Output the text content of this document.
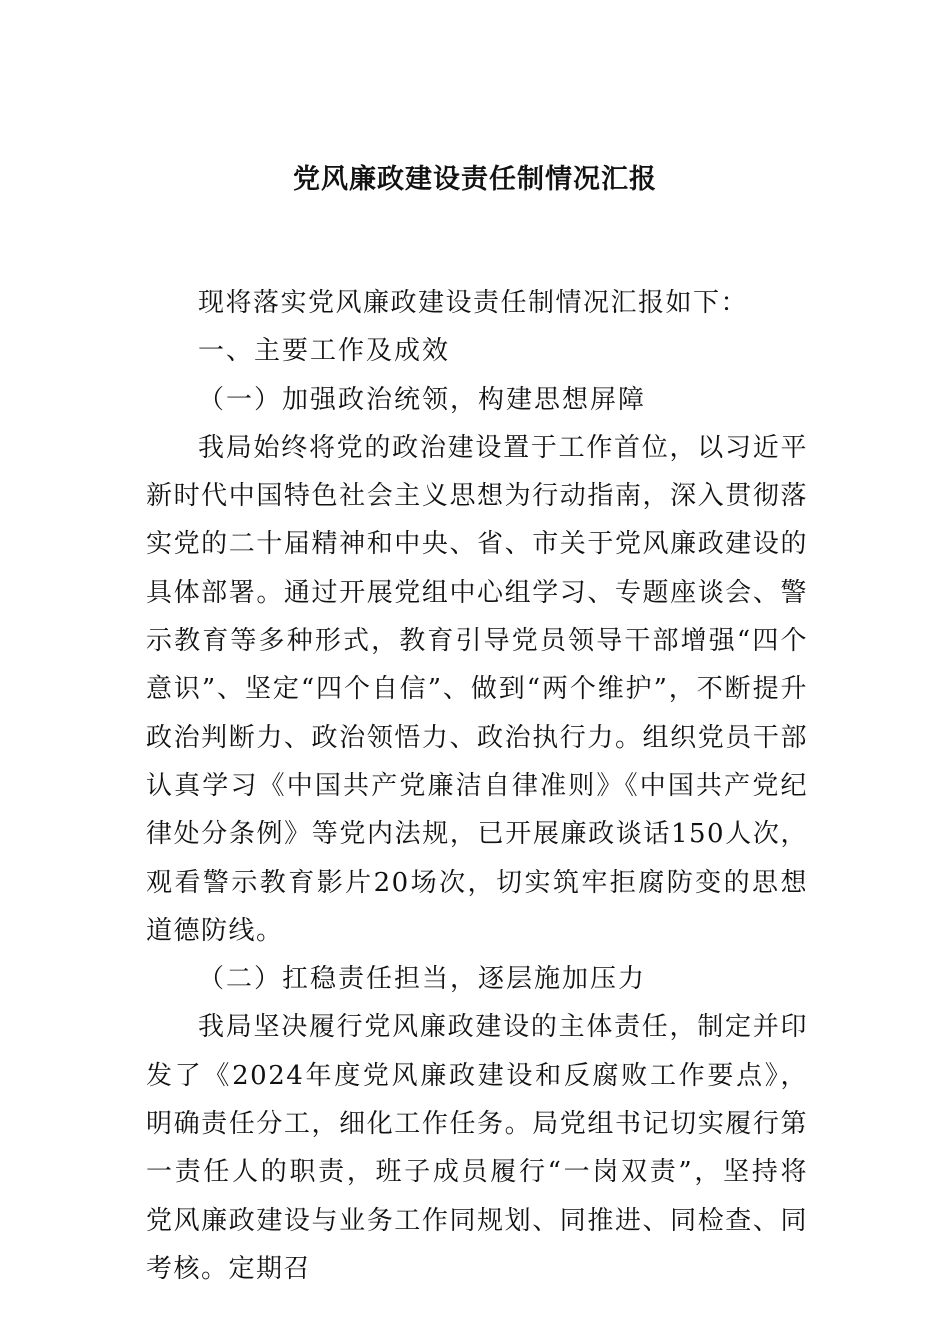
党风廉政建设责任制情况汇报

现将落实党风廉政建设责任制情况汇报如下：

一、主要工作及成效

（一）加强政治统领，构建思想屏障

我局始终将党的政治建设置于工作首位，以习近平新时代中国特色社会主义思想为行动指南，深入贯彻落实党的二十届精神和中央、省、市关于党风廉政建设的具体部署。通过开展党组中心组学习、专题座谈会、警示教育等多种形式，教育引导党员领导干部增强“四个意识”、坚定“四个自信”、做到“两个维护”，不断提升政治判断力、政治领悟力、政治执行力。组织党员干部认真学习《中国共产党廉洁自律准则》《中国共产党纪律处分条例》等党内法规，已开展廉政谈话150人次，观看警示教育影片20场次，切实筑牢拒腐防变的思想道德防线。

（二）扛稳责任担当，逐层施加压力

我局坚决履行党风廉政建设的主体责任，制定并印发了《2024年度党风廉政建设和反腐败工作要点》，明确责任分工，细化工作任务。局党组书记切实履行第一责任人的职责，班子成员履行“一岗双责”，坚持将党风廉政建设与业务工作同规划、同推进、同检查、同考核。定期召
